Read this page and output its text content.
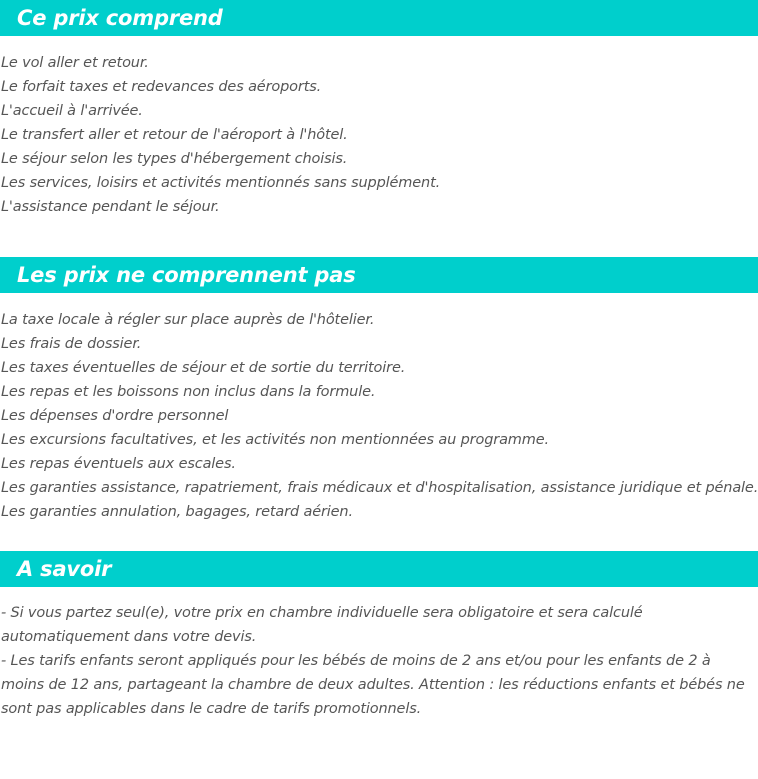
Ce prix comprend
Le vol aller et retour.
Le forfait taxes et redevances des aéroports.
L'accueil à l'arrivée.
Le transfert aller et retour de l'aéroport à l'hôtel.
Le séjour selon les types d'hébergement choisis.
Les services, loisirs et activités mentionnés sans supplément.
L'assistance pendant le séjour.
Les prix ne comprennent pas
La taxe locale à régler sur place auprès de l'hôtelier.
Les frais de dossier.
Les taxes éventuelles de séjour et de sortie du territoire.
Les repas et les boissons non inclus dans la formule.
Les dépenses d'ordre personnel
Les excursions facultatives, et les activités non mentionnées au programme.
Les repas éventuels aux escales.
Les garanties assistance, rapatriement, frais médicaux et d'hospitalisation, assistance juridique et pénale.
Les garanties annulation, bagages, retard aérien.
A savoir
- Si vous partez seul(e), votre prix en chambre individuelle sera obligatoire et sera calculé automatiquement dans votre devis.
- Les tarifs enfants seront appliqués pour les bébés de moins de 2 ans et/ou pour les enfants de 2 à moins de 12 ans, partageant la chambre de deux adultes. Attention : les réductions enfants et bébés ne sont pas applicables dans le cadre de tarifs promotionnels.
